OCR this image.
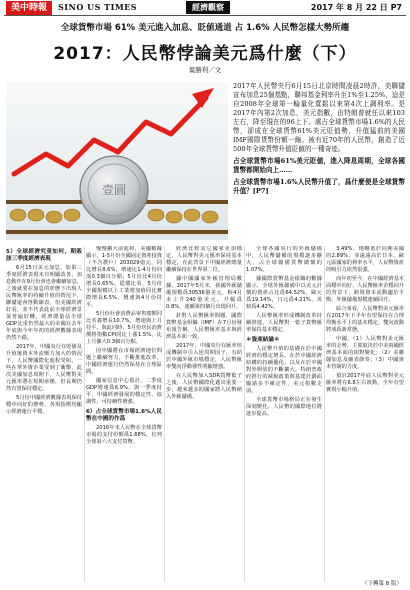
美中時報	SINO US TIMES	經濟觀察	2017 年 8 月 22 日 P7
全球貨幣市場 61% 美元進入加息、貶値通道 占 1.6% 人民幣怎樣大勢所趨
2017：人民幣悖論美元爲什麼（下）
葉勝利／文
壹圓

2017年人民幣央行6月15日北京時間凌晨2時許，美聯儲宣布加息25個基點，聯邦基金利率升至1%至1.25%，這是自2008年全球第一輪量化寬鬆以來第4次上調利率。是2017年內第2次加息，美元指數，由特朗普就任以來103左右，降至現在的96上下。處占全球貨幣市場1.6%的人民幣，卻成在全球貨幣61%美元貶值勢，升值猛前的美國IMF國際貨幣份額一線。被有近70年的人民幣，創造了近500年全球貨幣升值貶値的一種奇迹。

占全球貨幣市場61%美元貶値，進入降息周期，全球各國貨幣都開始向上……

占全球貨幣市場1.6%人民幣升值了，爲什麼便是全球貨幣升值？[P7]

5）全球經濟究竟如何，期販該三季度經濟表現

6月15日美元加息，如果三季度經濟表現未有明顯改善，加息動作在9月份會也會繼續加息，之後就要在加息的狀態下出現人民幣匯率的持續升值的情況下，聯儲還會啓動縮表。但美國經濟好看，並不代表此前全球經濟景氣普遍好轉，經濟總量佔全球GDP比重仍然最大的美國在去年年底與今年年初的經濟數據表現仍然不錯。

2017年，中國央行在貶値及升值後資本外流壓力加大的情況下，人民幣國際化進程受阻，一些在華外資企業受到了衝擊，此次美國加息周期下，人民幣對美元匯率將在短期承壓，但長期仍然有望保持穩定。

5月份中國經濟數據表現保持穩中向好的態勢，各項指標均顯示經濟運行平穩。

慢慢擴大前進和，美國數據顯示，1-5月份全國固定資產投資（不含農戶）203029億元，同比增長8.6%，增速比1-4月份回落0.3個百分點；5月份比4月份增長0.65%。從環比看，5月份全國規模以上工業增加值同比實際增長6.5%，增速與4月份持平。

5月份社會消費品零售總額同比名義增長10.7%，增速與上月持平。與此同時，5月份居民消費價格指數CPI同比上漲1.5%，比上月擴大0.3個百分點。

因中國將在市場經濟地位問題上繼續努力，不斷推進改革，中國經濟運行仍然保持在合理區間。

國家信息中心預計，二季度GDP增速爲6.9%，與一季度持平，中國經濟發展的穩定性、協調性、可持續性增強。

6）占全球貨幣市場1.6%人民幣在中國的作爲

2016年末人民幣在全球貨幣市場的支付份額爲1.68%，位列全球第六大支付貨幣。

經濟比較其它國家更加穩定，人民幣對美元匯率保持基本穩定，在此背景下中國經濟總量繼續保持在世界第二位。

據中國國家外匯管理局數據，2017年5月末，我國外匯儲備規模爲30536億美元，較4月末上升240億美元，升幅爲0.8%，連續第四個月出現回升。

針對人民幣匯率問題，國際貨幣基金組織（IMF）在7月份發布報告稱，人民幣匯率基本與經濟基本面一致。

2017年，中國央行在匯率形成機制中引入逆周期因子，有助於中國外匯市場穩定，人民幣匯率雙向浮動彈性明顯增強。

在人民幣加入SDR貨幣籃子之後，人民幣國際化邁出重要一步，越來越多的國家將人民幣納入外匯儲備。

全球各國央行的外匯儲備中，人民幣儲備的規模逐步擴大，占全球儲備貨幣總額的1.07%。

據國際貨幣基金組織的數據顯示，全球外匯儲備中以美元計價的資產占比爲64.52%，歐元爲19.14%，日元爲4.21%，英鎊爲4.42%。

人民幣匯率形成機制改革持續推進，人民幣對一籃子貨幣匯率保持基本穩定。

＊資產結論＊

人民幣升值的基礎在於中國經濟的穩定增長，在於中國經濟結構的持續優化，以及在於中國對外開放的不斷擴大。特朗普政府推行的減稅政策與基建計劃面臨諸多不確定性，美元指數走弱。

全球貨幣市場格局正在發生深刻變化，人民幣的國際地位將逐步提高。

3.49%，僅略低於同期美國的2.89%，並遠遠高於日本、歐元區國家的利率水平，人民幣資產的吸引力依然很強。

而年初至今，在中國經濟基本面穩中向好、人民幣匯率企穩回升的背景下，跨境資本流動趨於平衡，外匯儲備規模連續回升。

綜合來看，人民幣對美元匯率在2017年下半年有望保持在合理均衡水平上的基本穩定，雙向波動將成爲新常態。

中國，（1）人民幣對美元匯率的走勢，主要取決於中美兩國經濟基本面的相對變化；（2）美聯儲加息及縮表節奏；（3）中國資本管制的力度。

預計2017年底人民幣對美元匯率將在6.8左右波動，全年有望實現小幅升值。

（下轉第 8 版）
